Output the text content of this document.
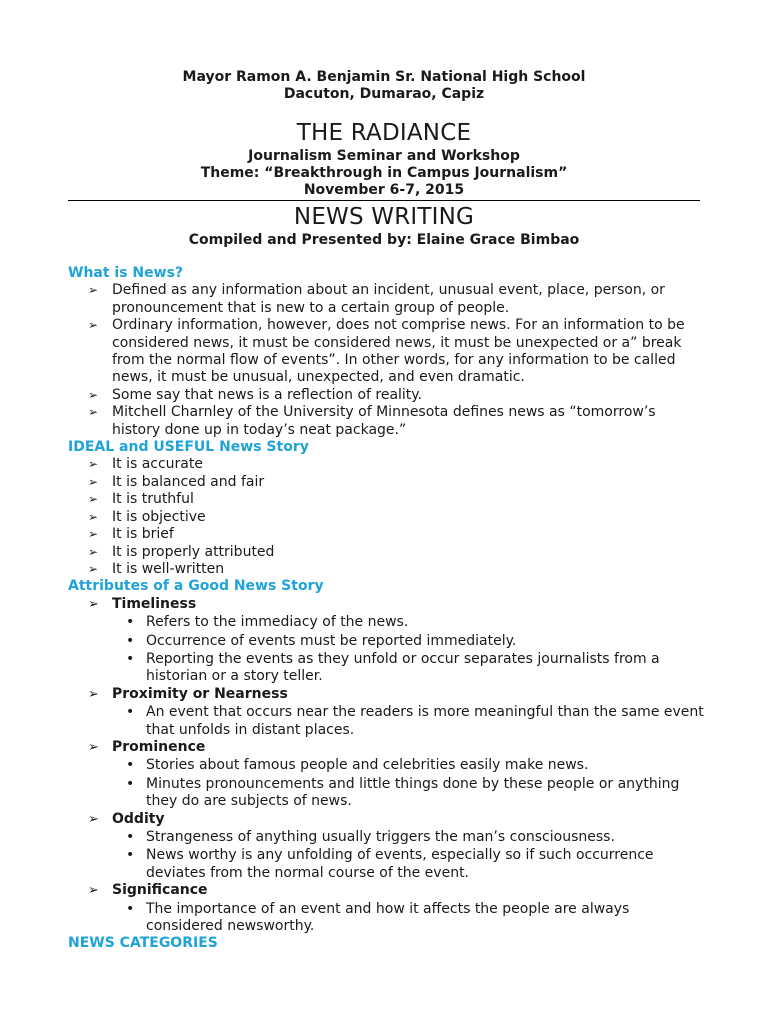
Mayor Ramon A. Benjamin Sr. National High School
Dacuton, Dumarao, Capiz
THE RADIANCE
Journalism Seminar and Workshop
Theme: “Breakthrough in Campus Journalism”
November 6-7, 2015
NEWS WRITING
Compiled and Presented by: Elaine Grace Bimbao
What is News?
➢ Defined as any information about an incident, unusual event, place, person, or pronouncement that is new to a certain group of people.
➢ Ordinary information, however, does not comprise news. For an information to be considered news, it must be considered news, it must be unexpected or a” break from the normal flow of events”. In other words, for any information to be called news, it must be unusual, unexpected, and even dramatic.
➢ Some say that news is a reflection of reality.
➢ Mitchell Charnley of the University of Minnesota defines news as “tomorrow’s history done up in today’s neat package.”
IDEAL and USEFUL News Story
➢ It is accurate
➢ It is balanced and fair
➢ It is truthful
➢ It is objective
➢ It is brief
➢ It is properly attributed
➢ It is well-written
Attributes of a Good News Story
➢ Timeliness
• Refers to the immediacy of the news.
• Occurrence of events must be reported immediately.
• Reporting the events as they unfold or occur separates journalists from a historian or a story teller.
➢ Proximity or Nearness
• An event that occurs near the readers is more meaningful than the same event that unfolds in distant places.
➢ Prominence
• Stories about famous people and celebrities easily make news.
• Minutes pronouncements and little things done by these people or anything they do are subjects of news.
➢ Oddity
• Strangeness of anything usually triggers the man’s consciousness.
• News worthy is any unfolding of events, especially so if such occurrence deviates from the normal course of the event.
➢ Significance
• The importance of an event and how it affects the people are always considered newsworthy.
NEWS CATEGORIES
